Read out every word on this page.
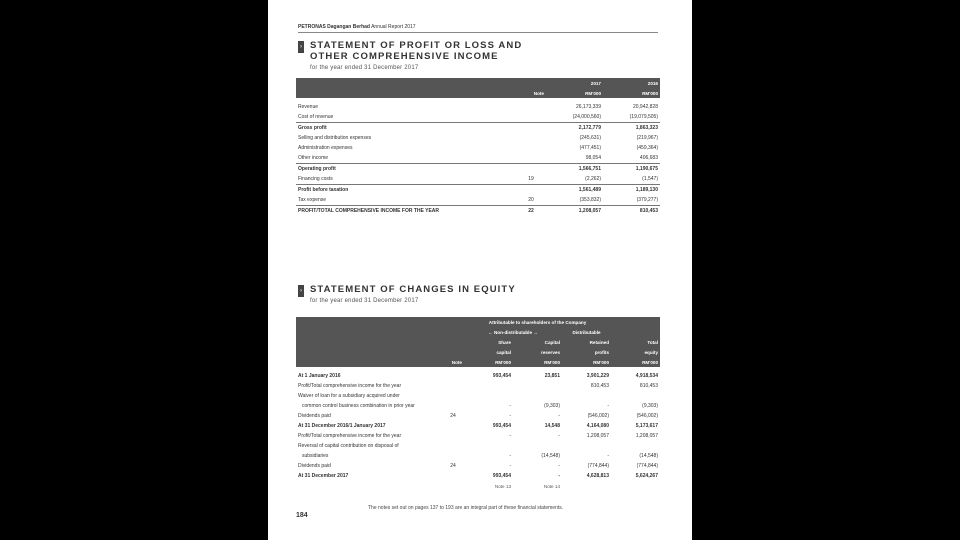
PETRONAS Dagangan Berhad Annual Report 2017
› STATEMENT OF PROFIT OR LOSS AND
OTHER COMPREHENSIVE INCOME
for the year ended 31 December 2017
		2017	2016
	Note	RM'000	RM'000

Revenue		26,173,339	20,942,828
Cost of revenue		(24,000,560)	(19,079,505)
Gross profit		2,172,779	1,863,323
Selling and distribution expenses		(245,631)	(219,967)
Administration expenses		(477,451)	(459,364)
Other income		98,054	406,683
Operating profit		1,566,751	1,190,675
Financing costs	19	(2,262)	(1,547)
Profit before taxation		1,561,489	1,189,130
Tax expense	20	(353,832)	(379,277)
PROFIT/TOTAL COMPREHENSIVE INCOME FOR THE YEAR	22	1,208,057	810,453
› STATEMENT OF CHANGES IN EQUITY
for the year ended 31 December 2017
		Attributable to shareholders of the Company			
		← Non-distributable →		Distributable	
		Share	Capital	Retained	Total
		capital	reserves	profits	equity
	Note	RM'000	RM'000	RM'000	RM'000

At 1 January 2016		993,454	23,851	3,901,229	4,918,534
Profit/Total comprehensive income for the year				810,453	810,453
Waiver of loan for a subsidiary acquired under					
common control business combination in prior year		-	(9,303)	-	(9,303)
Dividends paid	24	-	-	(546,002)	(546,002)
At 31 December 2016/1 January 2017		993,454	14,548	4,164,080	5,173,617
Profit/Total comprehensive income for the year		-	-	1,208,057	1,208,057
Reversal of capital contribution on disposal of					
subsidiaries		-	(14,548)	-	(14,548)
Dividends paid	24	-	-	(774,844)	(774,844)
At 31 December 2017		993,454	-	4,628,813	5,624,267
		Note 13	Note 14		
The notes set out on pages 137 to 193 are an integral part of these financial statements.
184
